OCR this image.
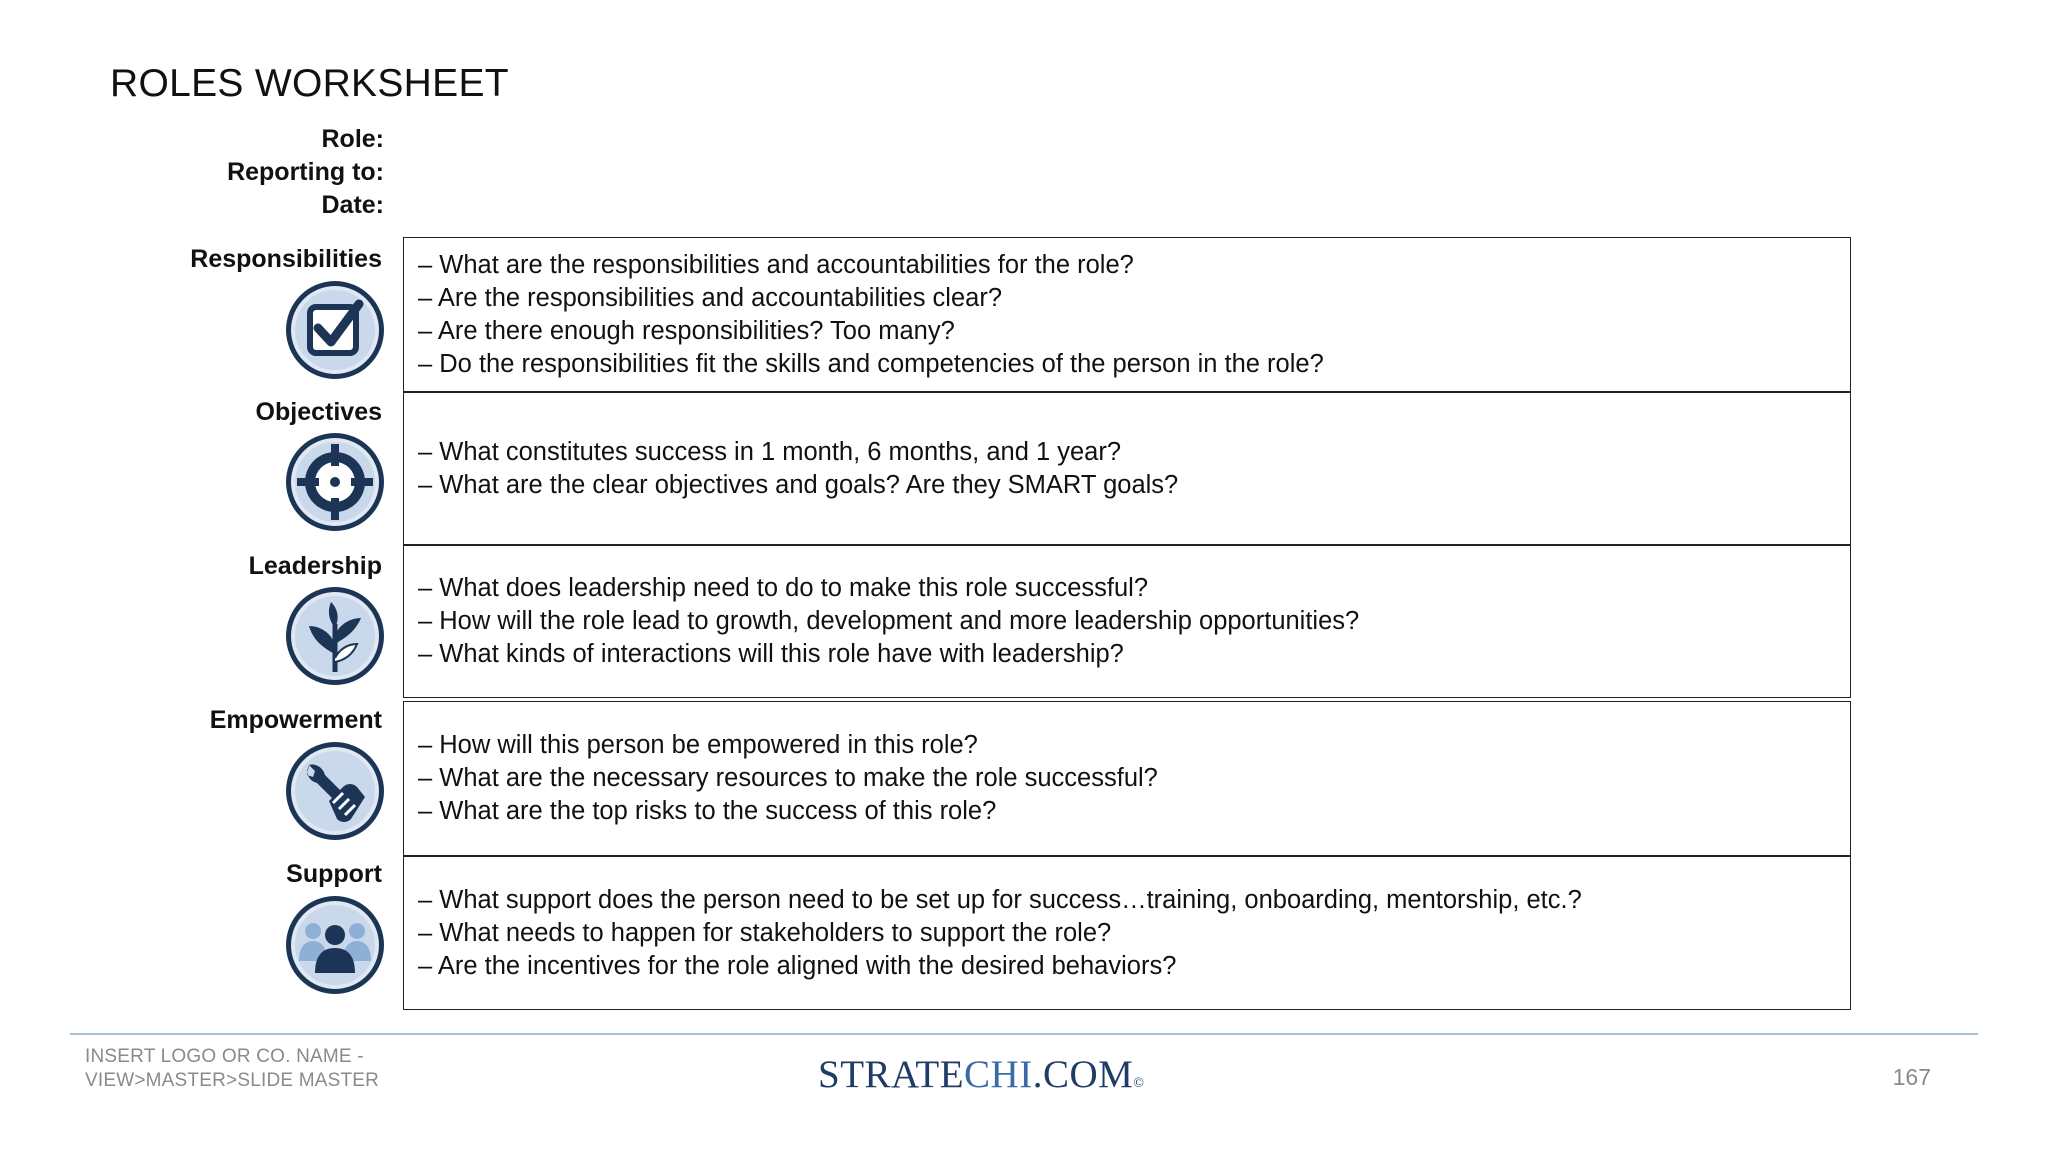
ROLES WORKSHEET
Role:
Reporting to:
Date:
Responsibilities – What are the responsibilities and accountabilities for the role?
– Are the responsibilities and accountabilities clear?
– Are there enough responsibilities? Too many?
– Do the responsibilities fit the skills and competencies of the person in the role?
Objectives
– What constitutes success in 1 month, 6 months, and 1 year?
– What are the clear objectives and goals? Are they SMART goals?
Leadership
– What does leadership need to do to make this role successful?
– How will the role lead to growth, development and more leadership opportunities?
– What kinds of interactions will this role have with leadership?
Empowerment
– How will this person be empowered in this role?
– What are the necessary resources to make the role successful?
– What are the top risks to the success of this role?
Support
– What support does the person need to be set up for success…training, onboarding, mentorship, etc.?
– What needs to happen for stakeholders to support the role?
– Are the incentives for the role aligned with the desired behaviors?
INSERT LOGO OR CO. NAME -
VIEW>MASTER>SLIDE MASTER	STRATECHI.COM©	167
